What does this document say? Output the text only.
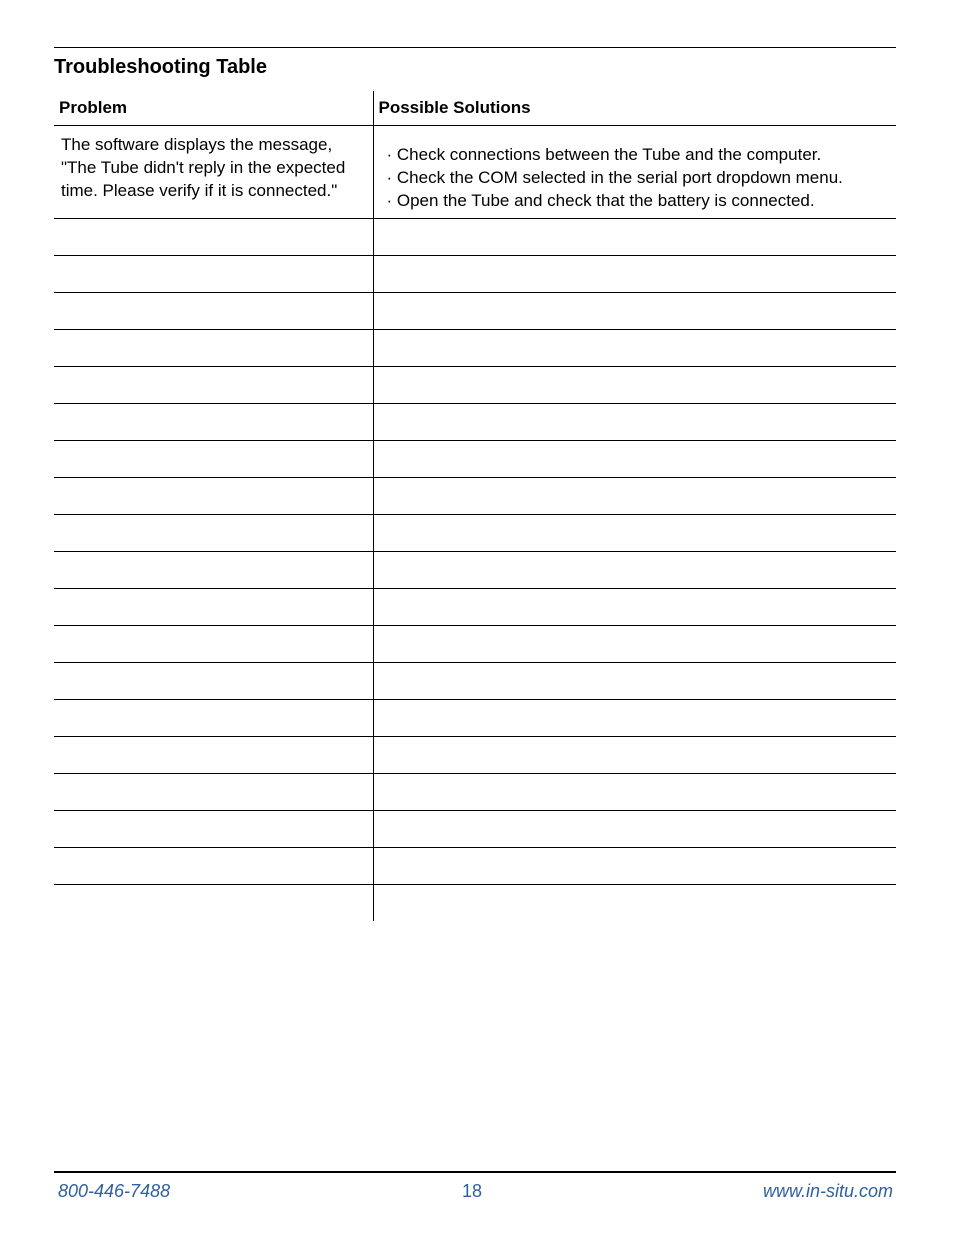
Troubleshooting Table
Problem	Possible Solutions
The software displays the message, "The Tube didn't reply in the expected time. Please verify if it is connected."	· Check connections between the Tube and the computer.
· Check the COM selected in the serial port dropdown menu.
· Open the Tube and check that the battery is connected.

800-446-7488	18	www.in-situ.com
